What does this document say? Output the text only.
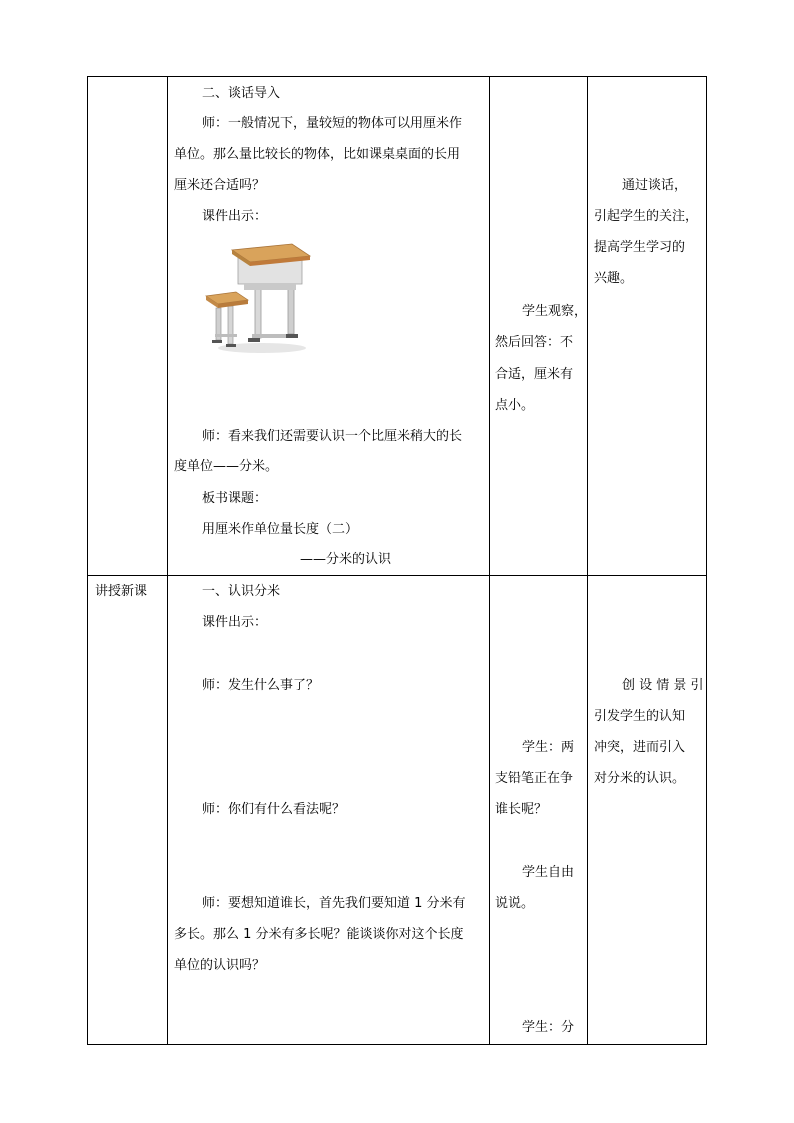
二、谈话导入
师：一般情况下，量较短的物体可以用厘米作
单位。那么量比较长的物体，比如课桌桌面的长用
厘米还合适吗？
课件出示：
师：看来我们还需要认识一个比厘米稍大的长
度单位——分米。
板书课题：
用厘米作单位量长度（二）
——分米的认识
学生观察，
然后回答：不
合适，厘米有
点小。
通过谈话，
引起学生的关注，
提高学生学习的
兴趣。
讲授新课	一、认识分米
课件出示：
师：发生什么事了？
师：你们有什么看法呢？
师：要想知道谁长，首先我们要知道 1 分米有
多长。那么 1 分米有多长呢？能谈谈你对这个长度
单位的认识吗？
学生：两
支铅笔正在争
谁长呢？
学生自由
说说。
学生：分
创 设 情 景 引
引发学生的认知
冲突，进而引入
对分米的认识。
